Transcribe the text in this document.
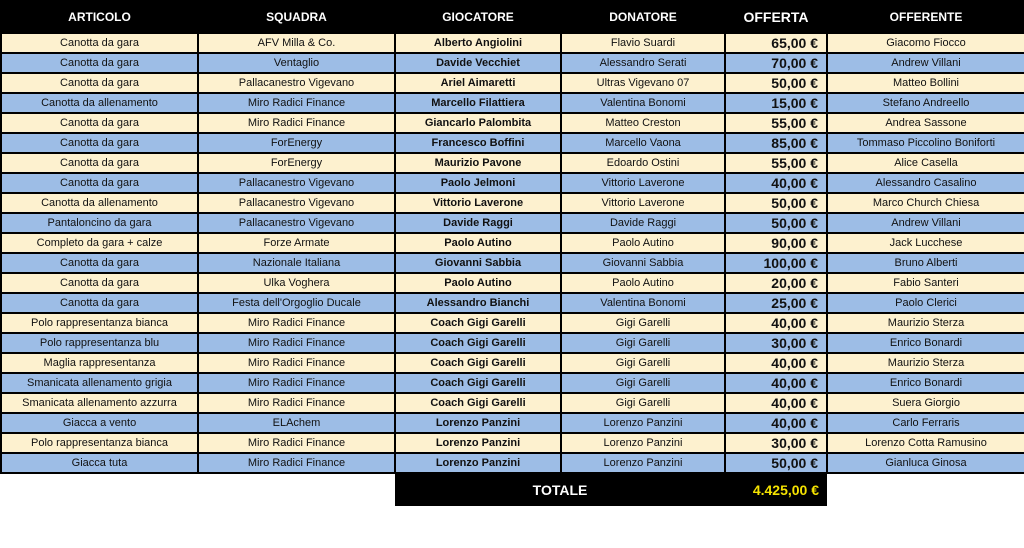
ARTICOLO	SQUADRA	GIOCATORE	DONATORE	OFFERTA	OFFERENTE
Canotta da gara	AFV Milla & Co.	Alberto Angiolini	Flavio Suardi	65,00 €	Giacomo Fiocco
Canotta da gara	Ventaglio	Davide Vecchiet	Alessandro Serati	70,00 €	Andrew Villani
Canotta da gara	Pallacanestro Vigevano	Ariel Aimaretti	Ultras Vigevano 07	50,00 €	Matteo Bollini
Canotta da allenamento	Miro Radici Finance	Marcello Filattiera	Valentina Bonomi	15,00 €	Stefano Andreello
Canotta da gara	Miro Radici Finance	Giancarlo Palombita	Matteo Creston	55,00 €	Andrea Sassone
Canotta da gara	ForEnergy	Francesco Boffini	Marcello Vaona	85,00 €	Tommaso Piccolino Boniforti
Canotta da gara	ForEnergy	Maurizio Pavone	Edoardo Ostini	55,00 €	Alice Casella
Canotta da gara	Pallacanestro Vigevano	Paolo Jelmoni	Vittorio Laverone	40,00 €	Alessandro Casalino
Canotta da allenamento	Pallacanestro Vigevano	Vittorio Laverone	Vittorio Laverone	50,00 €	Marco Church Chiesa
Pantaloncino da gara	Pallacanestro Vigevano	Davide Raggi	Davide Raggi	50,00 €	Andrew Villani
Completo da gara + calze	Forze Armate	Paolo Autino	Paolo Autino	90,00 €	Jack Lucchese
Canotta da gara	Nazionale Italiana	Giovanni Sabbia	Giovanni Sabbia	100,00 €	Bruno Alberti
Canotta da gara	Ulka Voghera	Paolo Autino	Paolo Autino	20,00 €	Fabio Santeri
Canotta da gara	Festa dell'Orgoglio Ducale	Alessandro Bianchi	Valentina Bonomi	25,00 €	Paolo Clerici
Polo rappresentanza bianca	Miro Radici Finance	Coach Gigi Garelli	Gigi Garelli	40,00 €	Maurizio Sterza
Polo rappresentanza blu	Miro Radici Finance	Coach Gigi Garelli	Gigi Garelli	30,00 €	Enrico Bonardi
Maglia rappresentanza	Miro Radici Finance	Coach Gigi Garelli	Gigi Garelli	40,00 €	Maurizio Sterza
Smanicata allenamento grigia	Miro Radici Finance	Coach Gigi Garelli	Gigi Garelli	40,00 €	Enrico Bonardi
Smanicata allenamento azzurra	Miro Radici Finance	Coach Gigi Garelli	Gigi Garelli	40,00 €	Suera Giorgio
Giacca a vento	ELAchem	Lorenzo Panzini	Lorenzo Panzini	40,00 €	Carlo Ferraris
Polo rappresentanza bianca	Miro Radici Finance	Lorenzo Panzini	Lorenzo Panzini	30,00 €	Lorenzo Cotta Ramusino
Giacca tuta	Miro Radici Finance	Lorenzo Panzini	Lorenzo Panzini	50,00 €	Gianluca Ginosa
		TOTALE		4.425,00 €	
